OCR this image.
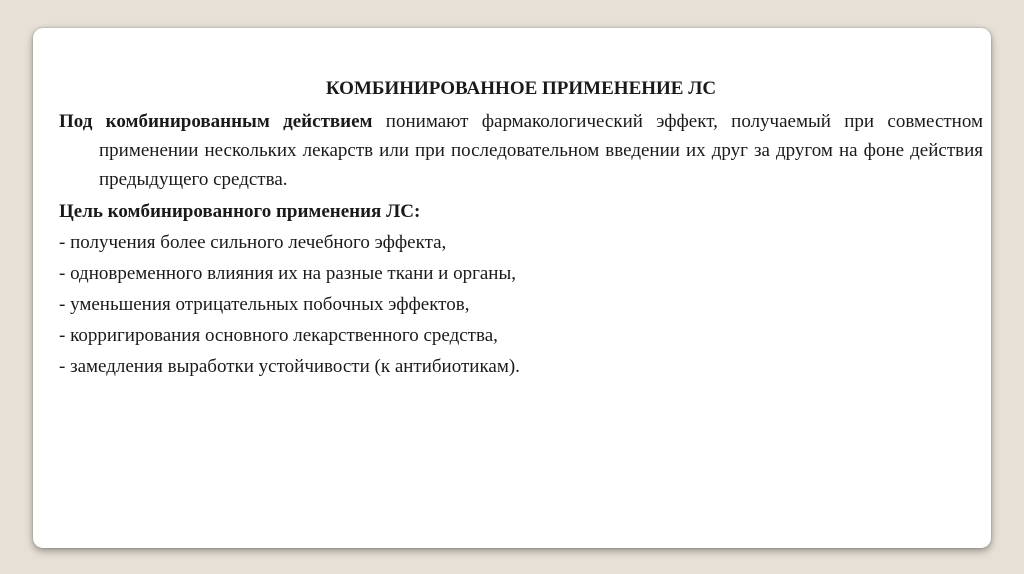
КОМБИНИРОВАННОЕ ПРИМЕНЕНИЕ ЛС

Под комбинированным действием понимают фармакологический эффект, получаемый при совместном применении нескольких лекарств или при последовательном введении их друг за другом на фоне действия предыдущего средства.

Цель комбинированного применения ЛС:
- получения более сильного лечебного эффекта,
- одновременного влияния их на разные ткани и органы,
- уменьшения отрицательных побочных эффектов,
- корригирования основного лекарственного средства,
- замедления выработки устойчивости (к антибиотикам).
